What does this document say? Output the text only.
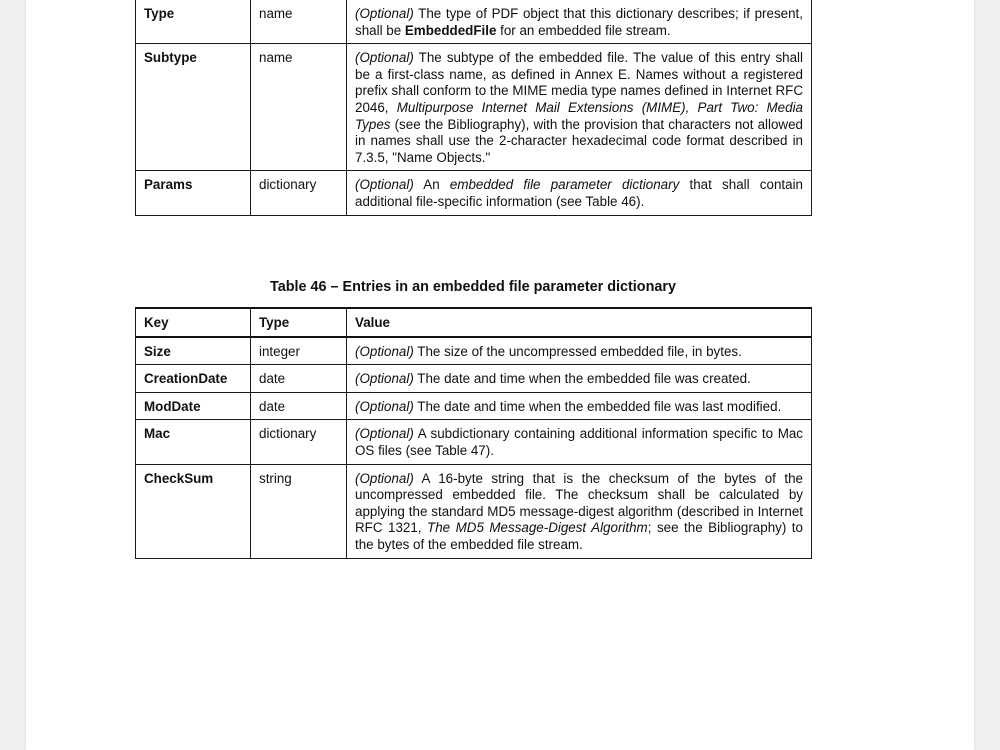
Type	name	(Optional) The type of PDF object that this dictionary describes; if present, shall be EmbeddedFile for an embedded file stream.
Subtype	name	(Optional) The subtype of the embedded file. The value of this entry shall be a first-class name, as defined in Annex E. Names without a registered prefix shall conform to the MIME media type names defined in Internet RFC 2046, Multipurpose Internet Mail Extensions (MIME), Part Two: Media Types (see the Bibliography), with the provision that characters not allowed in names shall use the 2-character hexadecimal code format described in 7.3.5, "Name Objects."
Params	dictionary	(Optional) An embedded file parameter dictionary that shall contain additional file-specific information (see Table 46).
Table 46 – Entries in an embedded file parameter dictionary
Key	Type	Value
Size	integer	(Optional) The size of the uncompressed embedded file, in bytes.
CreationDate	date	(Optional) The date and time when the embedded file was created.
ModDate	date	(Optional) The date and time when the embedded file was last modified.
Mac	dictionary	(Optional) A subdictionary containing additional information specific to Mac OS files (see Table 47).
CheckSum	string	(Optional) A 16-byte string that is the checksum of the bytes of the uncompressed embedded file. The checksum shall be calculated by applying the standard MD5 message-digest algorithm (described in Internet RFC 1321, The MD5 Message-Digest Algorithm; see the Bibliography) to the bytes of the embedded file stream.
